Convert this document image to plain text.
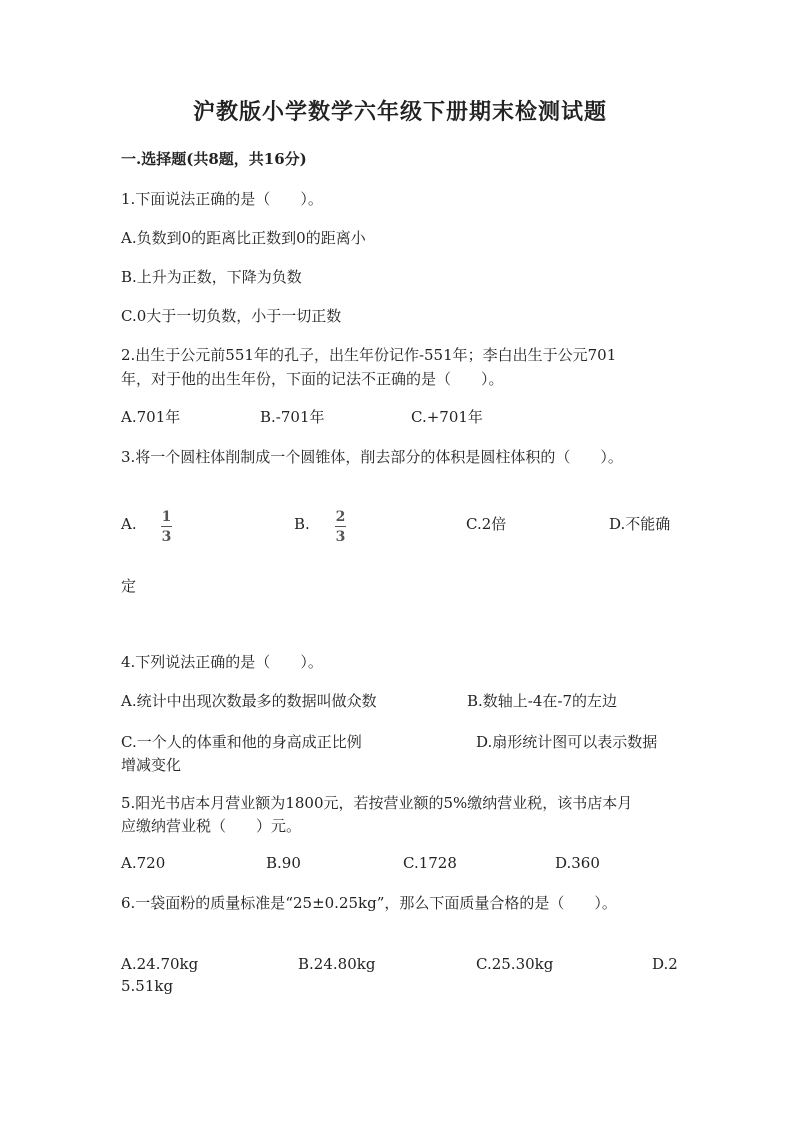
沪教版小学数学六年级下册期末检测试题
一.选择题(共8题，共16分)
1.下面说法正确的是（　　）。
A.负数到0的距离比正数到0的距离小
B.上升为正数，下降为负数
C.0大于一切负数，小于一切正数
2.出生于公元前551年的孔子，出生年份记作-551年；李白出生于公元701
年，对于他的出生年份，下面的记法不正确的是（　　）。
A.701年	B.-701年	C.+701年
3.将一个圆柱体削制成一个圆锥体，削去部分的体积是圆柱体积的（　　）。
A. 1
3
B. 2
3
C.2倍	D.不能确
定
4.下列说法正确的是（　　）。
A.统计中出现次数最多的数据叫做众数	B.数轴上-4在-7的左边
C.一个人的体重和他的身高成正比例	D.扇形统计图可以表示数据
增减变化
5.阳光书店本月营业额为1800元，若按营业额的5%缴纳营业税，该书店本月
应缴纳营业税（　　）元。
A.720	B.90	C.1728	D.360
6.一袋面粉的质量标准是“25±0.25kg”，那么下面质量合格的是（　　）。
A.24.70kg	B.24.80kg	C.25.30kg	D.2
5.51kg
